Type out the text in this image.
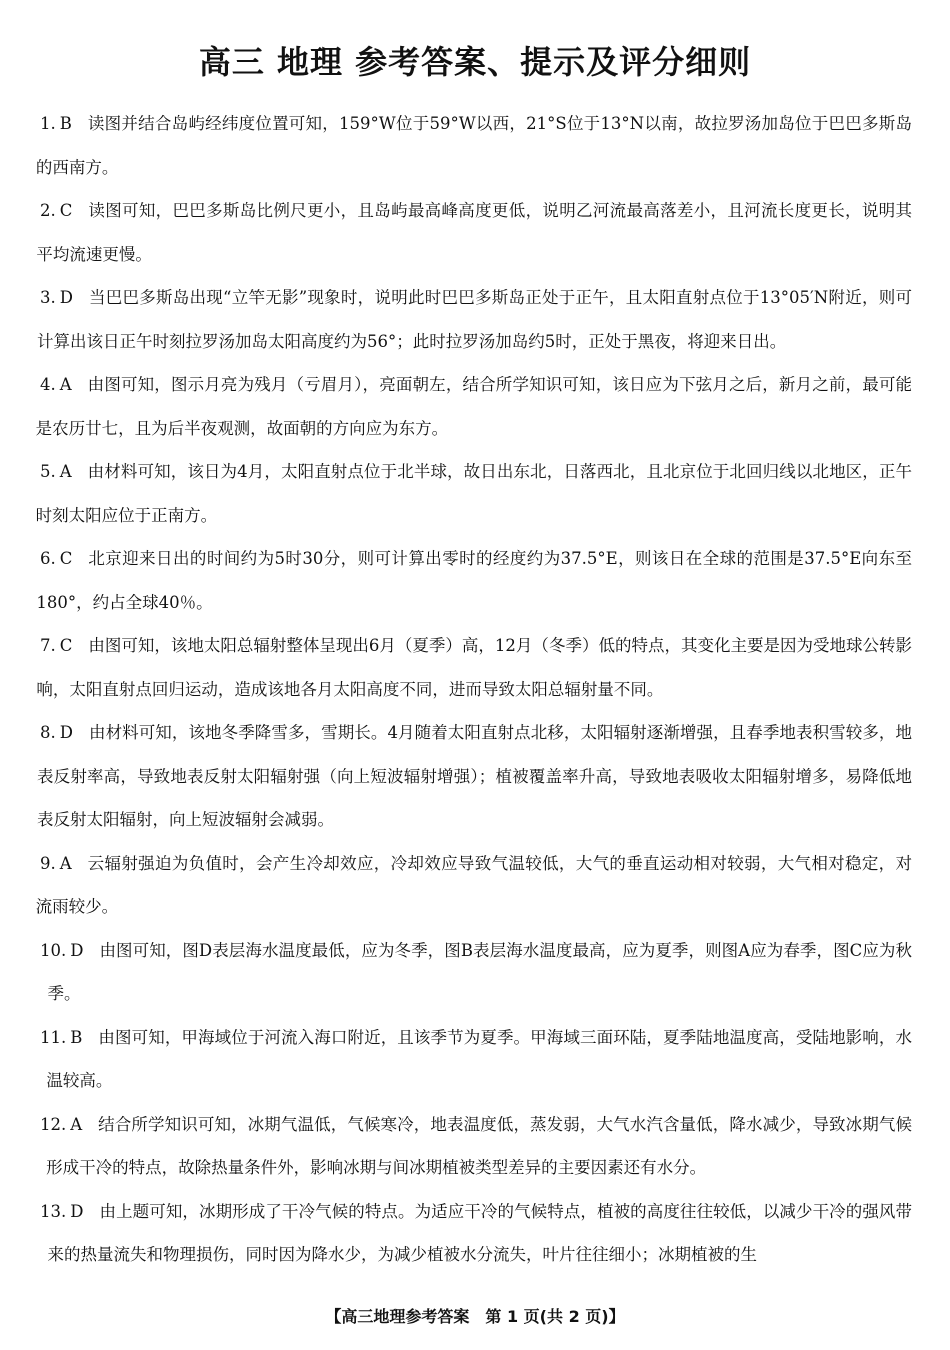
高三 地理 参考答案、提示及评分细则
1. B 读图并结合岛屿经纬度位置可知，159°W位于59°W以西，21°S位于13°N以南，故拉罗汤加岛位于巴巴多斯岛的西南方。
2. C 读图可知，巴巴多斯岛比例尺更小，且岛屿最高峰高度更低，说明乙河流最高落差小，且河流长度更长，说明其平均流速更慢。
3. D 当巴巴多斯岛出现“立竿无影”现象时，说明此时巴巴多斯岛正处于正午，且太阳直射点位于13°05′N附近，则可计算出该日正午时刻拉罗汤加岛太阳高度约为56°；此时拉罗汤加岛约5时，正处于黑夜，将迎来日出。
4. A 由图可知，图示月亮为残月（亏眉月），亮面朝左，结合所学知识可知，该日应为下弦月之后，新月之前，最可能是农历廿七，且为后半夜观测，故面朝的方向应为东方。
5. A 由材料可知，该日为4月，太阳直射点位于北半球，故日出东北，日落西北，且北京位于北回归线以北地区，正午时刻太阳应位于正南方。
6. C 北京迎来日出的时间约为5时30分，则可计算出零时的经度约为37.5°E，则该日在全球的范围是37.5°E向东至180°，约占全球40％。
7. C 由图可知，该地太阳总辐射整体呈现出6月（夏季）高，12月（冬季）低的特点，其变化主要是因为受地球公转影响，太阳直射点回归运动，造成该地各月太阳高度不同，进而导致太阳总辐射量不同。
8. D 由材料可知，该地冬季降雪多，雪期长。4月随着太阳直射点北移，太阳辐射逐渐增强，且春季地表积雪较多，地表反射率高，导致地表反射太阳辐射强（向上短波辐射增强）；植被覆盖率升高，导致地表吸收太阳辐射增多，易降低地表反射太阳辐射，向上短波辐射会减弱。
9. A 云辐射强迫为负值时，会产生冷却效应，冷却效应导致气温较低，大气的垂直运动相对较弱，大气相对稳定，对流雨较少。
10. D 由图可知，图D表层海水温度最低，应为冬季，图B表层海水温度最高，应为夏季，则图A应为春季，图C应为秋季。
11. B 由图可知，甲海域位于河流入海口附近，且该季节为夏季。甲海域三面环陆，夏季陆地温度高，受陆地影响，水温较高。
12. A 结合所学知识可知，冰期气温低，气候寒冷，地表温度低，蒸发弱，大气水汽含量低，降水减少，导致冰期气候形成干冷的特点，故除热量条件外，影响冰期与间冰期植被类型差异的主要因素还有水分。
13. D 由上题可知，冰期形成了干冷气候的特点。为适应干冷的气候特点，植被的高度往往较低，以减少干冷的强风带来的热量流失和物理损伤，同时因为降水少，为减少植被水分流失，叶片往往细小；冰期植被的生
【高三地理参考答案　第 1 页(共 2 页)】
